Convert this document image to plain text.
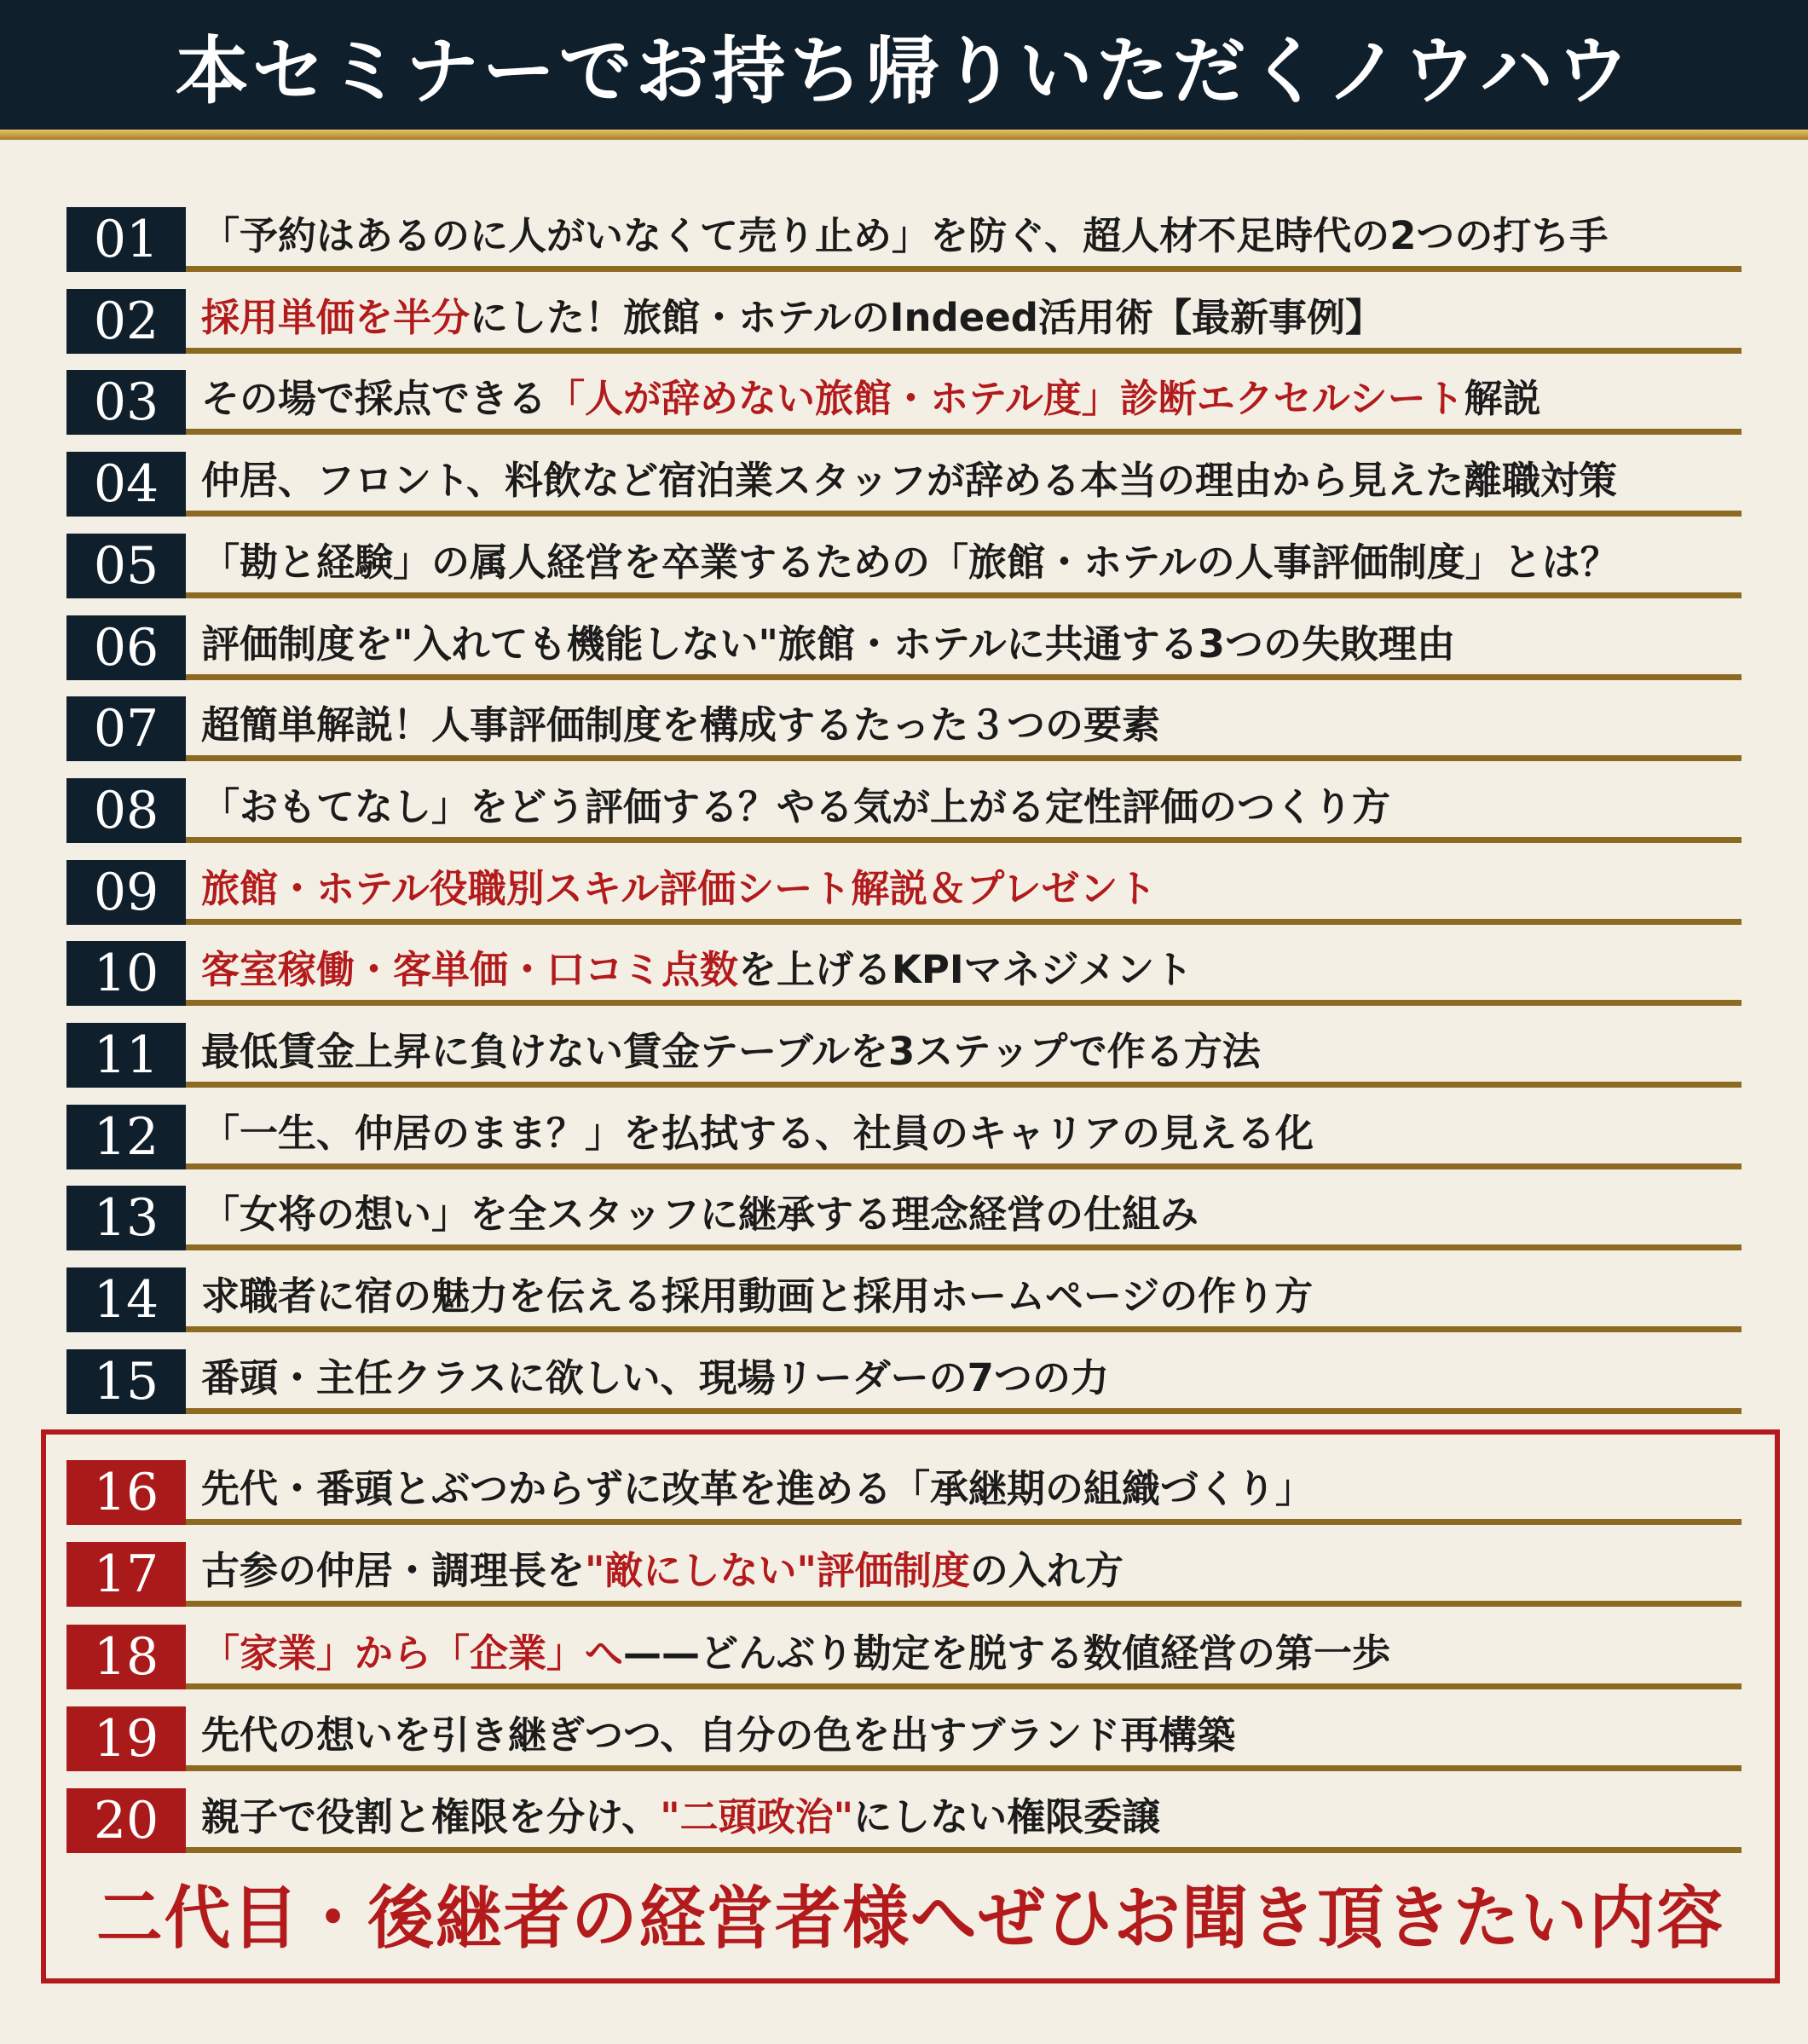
本セミナーでお持ち帰りいただくノウハウ
01	「予約はあるのに人がいなくて売り止め」を防ぐ、超人材不足時代の2つの打ち手
02	採用単価を半分にした！旅館・ホテルのIndeed活用術【最新事例】
03	その場で採点できる「人が辞めない旅館・ホテル度」診断エクセルシート解説
04	仲居、フロント、料飲など宿泊業スタッフが辞める本当の理由から見えた離職対策
05	「勘と経験」の属人経営を卒業するための「旅館・ホテルの人事評価制度」とは？
06	評価制度を"入れても機能しない"旅館・ホテルに共通する3つの失敗理由
07	超簡単解説！人事評価制度を構成するたった３つの要素
08	「おもてなし」をどう評価する？やる気が上がる定性評価のつくり方
09	旅館・ホテル役職別スキル評価シート解説＆プレゼント
10	客室稼働・客単価・口コミ点数を上げるKPIマネジメント
11	最低賃金上昇に負けない賃金テーブルを3ステップで作る方法
12	「一生、仲居のまま？」を払拭する、社員のキャリアの見える化
13	「女将の想い」を全スタッフに継承する理念経営の仕組み
14	求職者に宿の魅力を伝える採用動画と採用ホームページの作り方
15	番頭・主任クラスに欲しい、現場リーダーの7つの力
16	先代・番頭とぶつからずに改革を進める「承継期の組織づくり」
17	古参の仲居・調理長を"敵にしない"評価制度の入れ方
18	「家業」から「企業」へ——どんぶり勘定を脱する数値経営の第一歩
19	先代の想いを引き継ぎつつ、自分の色を出すブランド再構築
20	親子で役割と権限を分け、"二頭政治"にしない権限委譲
二代目・後継者の経営者様へぜひお聞き頂きたい内容
